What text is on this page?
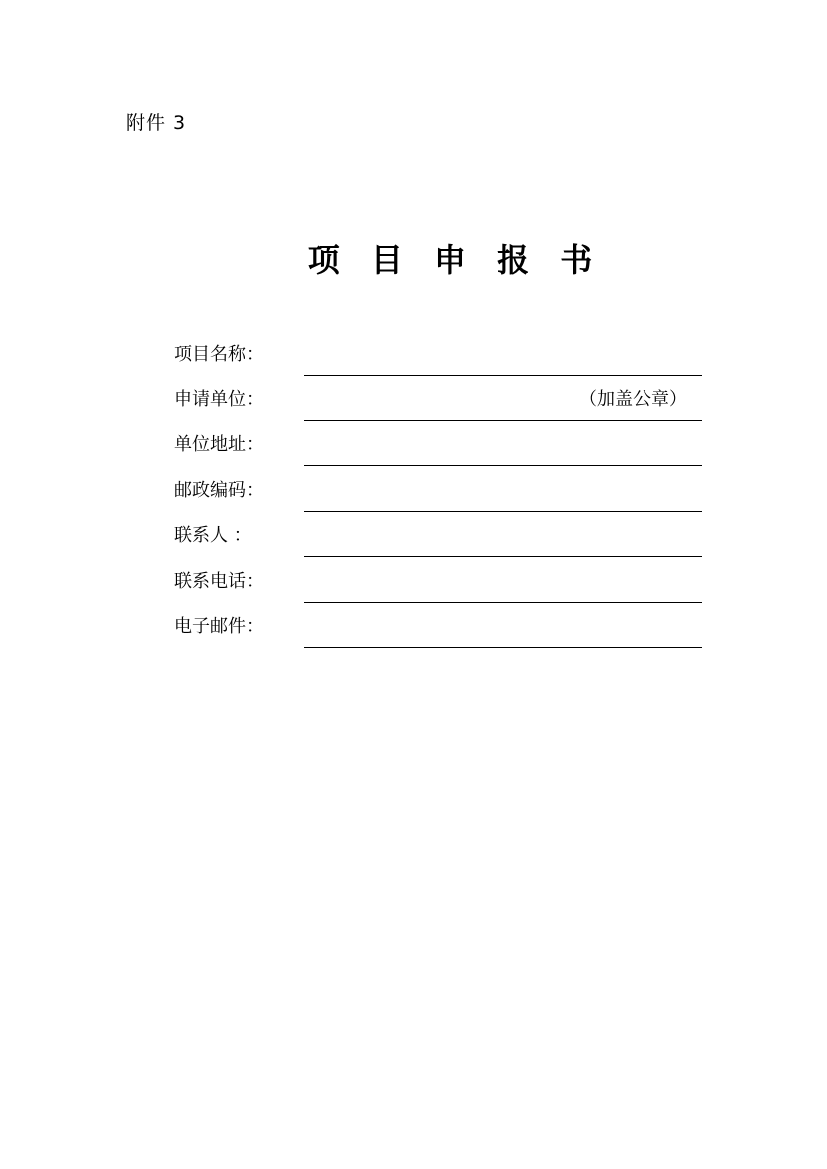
附件 3
项 目 申 报 书
项目名称：
申请单位：	（加盖公章）
单位地址：
邮政编码：
联系人 ：
联系电话：
电子邮件：
